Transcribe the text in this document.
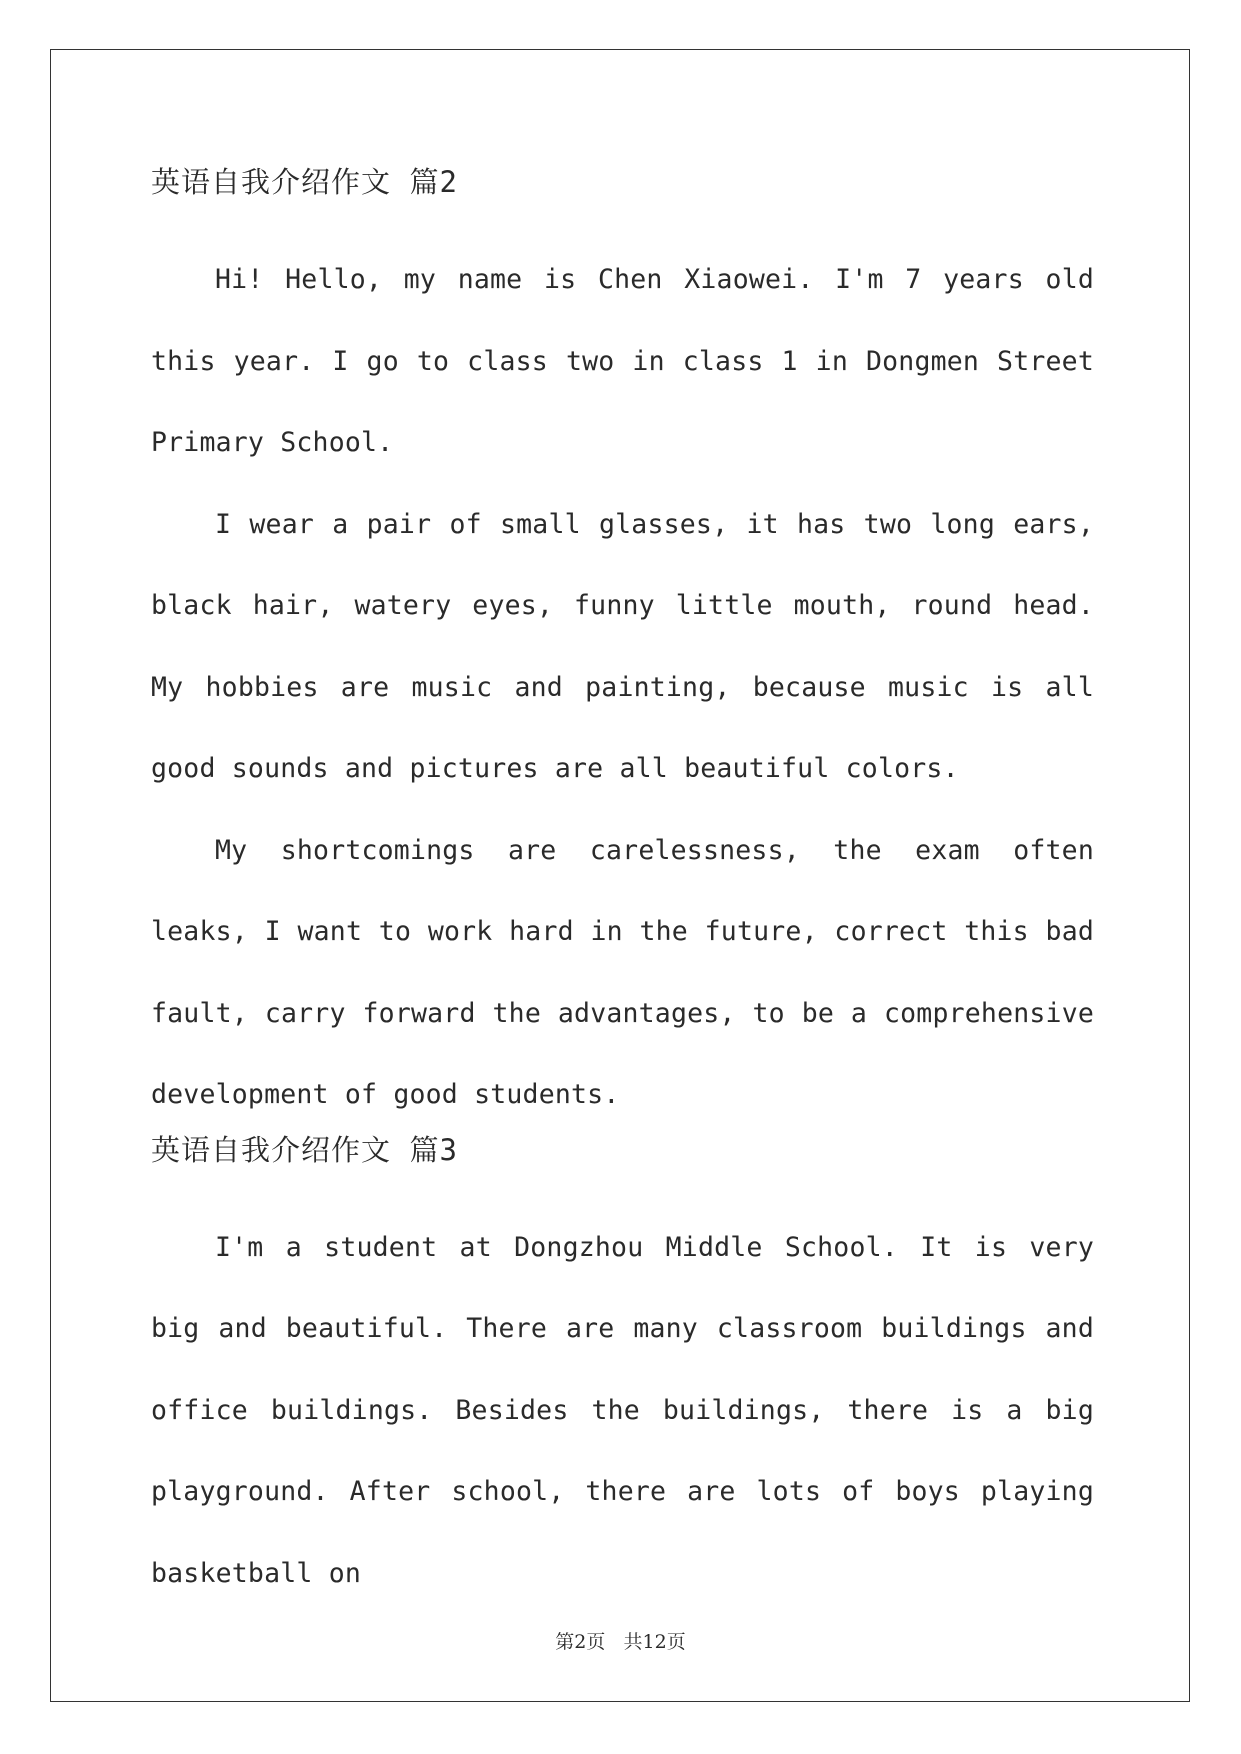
英语自我介绍作文 篇2

Hi! Hello, my name is Chen Xiaowei. I'm 7 years old this year. I go to class two in class 1 in Dongmen Street Primary School.

I wear a pair of small glasses, it has two long ears, black hair, watery eyes, funny little mouth, round head. My hobbies are music and painting, because music is all good sounds and pictures are all beautiful colors.

My shortcomings are carelessness, the exam often leaks, I want to work hard in the future, correct this bad fault, carry forward the advantages, to be a comprehensive development of good students.

英语自我介绍作文 篇3

I'm a student at Dongzhou Middle School. It is very big and beautiful. There are many classroom buildings and office buildings. Besides the buildings, there is a big playground. After school, there are lots of boys playing basketball on

第2页 共12页
